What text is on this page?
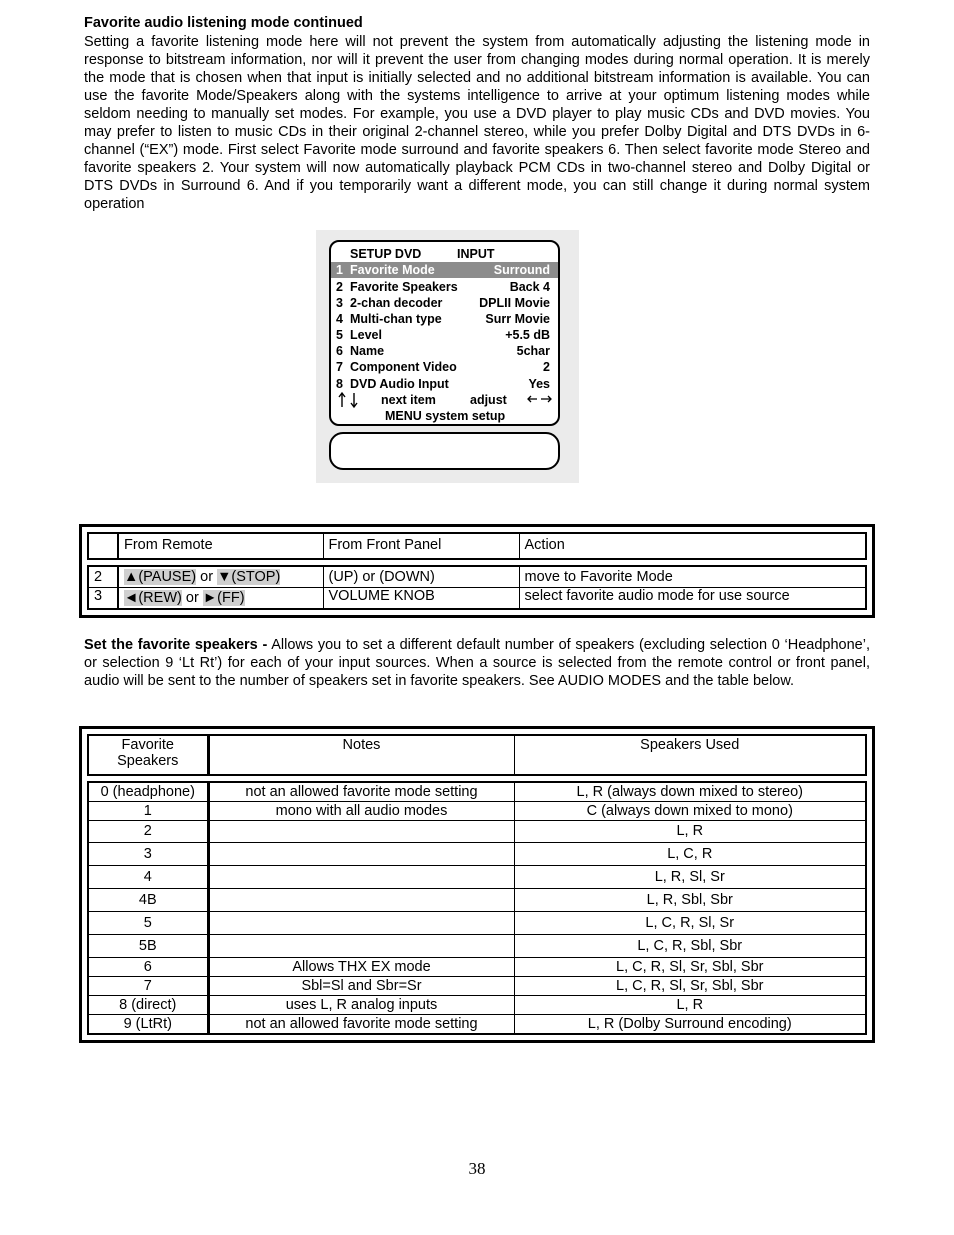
Favorite audio listening mode continued

Setting a favorite listening mode here will not prevent the system from automatically adjusting the listening mode in response to bitstream information, nor will it prevent the user from changing modes during normal operation. It is merely the mode that is chosen when that input is initially selected and no additional bitstream information is available. You can use the favorite Mode/Speakers along with the systems intelligence to arrive at your optimum listening modes while seldom needing to manually set modes. For example, you use a DVD player to play music CDs and DVD movies. You may prefer to listen to music CDs in their original 2-channel stereo, while you prefer Dolby Digital and DTS DVDs in 6-channel (“EX”) mode. First select Favorite mode surround and favorite speakers 6. Then select favorite mode Stereo and favorite speakers 2. Your system will now automatically playback PCM CDs in two-channel stereo and Dolby Digital or DTS DVDs in Surround 6. And if you temporarily want a different mode, you can still change it during normal system operation

SETUP DVD	INPUT
1 Favorite Mode	Surround
2 Favorite Speakers	Back 4
3 2-chan decoder	DPLII Movie
4 Multi-chan type	Surr Movie
5 Level	+5.5 dB
6 Name	5char
7 Component Video	2
8 DVD Audio Input	Yes
next item	adjust
MENU system setup
	From Remote	From Front Panel	Action
2	▲(PAUSE) or ▼(STOP)	(UP) or (DOWN)	move to Favorite Mode
3	◄(REW) or ►(FF)	VOLUME KNOB	select favorite audio mode for use source

Set the favorite speakers - Allows you to set a different default number of speakers (excluding selection 0 ‘Headphone’, or selection 9 ‘Lt Rt’) for each of your input sources. When a source is selected from the remote control or front panel, audio will be sent to the number of speakers set in favorite speakers. See AUDIO MODES and the table below.

Favorite Speakers	Notes	Speakers Used
0 (headphone)	not an allowed favorite mode setting	L, R (always down mixed to stereo)
1	mono with all audio modes	C (always down mixed to mono)
2		L, R
3		L, C, R
4		L, R, Sl, Sr
4B		L, R, Sbl, Sbr
5		L, C, R, Sl, Sr
5B		L, C, R, Sbl, Sbr
6	Allows THX EX mode	L, C, R, Sl, Sr, Sbl, Sbr
7	Sbl=Sl and Sbr=Sr	L, C, R, Sl, Sr, Sbl, Sbr
8 (direct)	uses L, R analog inputs	L, R
9 (LtRt)	not an allowed favorite mode setting	L, R (Dolby Surround encoding)
38
